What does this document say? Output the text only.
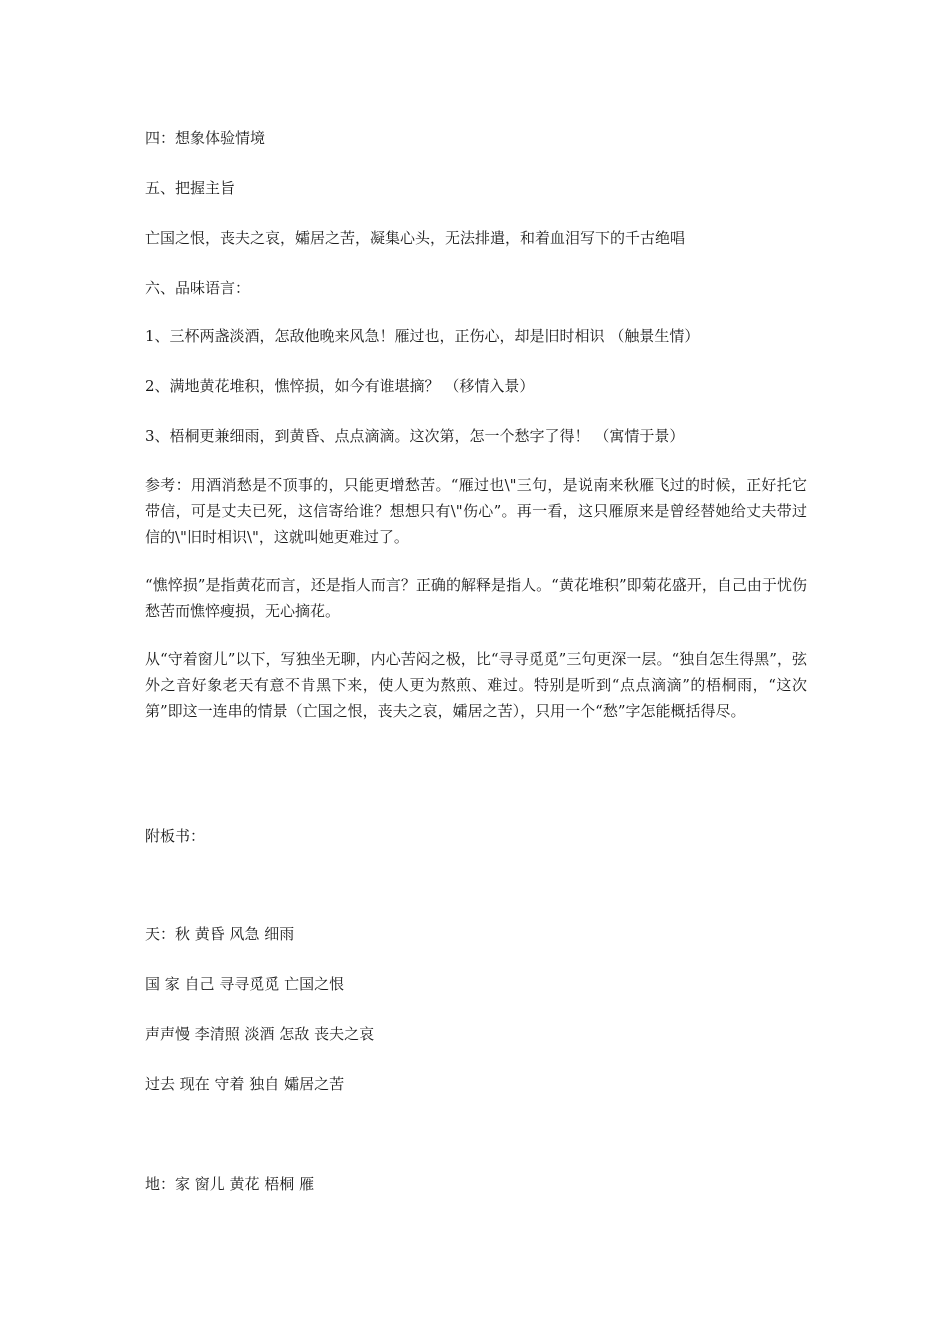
四：想象体验情境
五、把握主旨
亡国之恨，丧夫之哀，孀居之苦，凝集心头，无法排遣，和着血泪写下的千古绝唱
六、品味语言：
1、三杯两盏淡酒，怎敌他晚来风急！雁过也，正伤心，却是旧时相识 （触景生情）
2、满地黄花堆积，憔悴损，如今有谁堪摘？ （移情入景）
3、梧桐更兼细雨，到黄昏、点点滴滴。这次第，怎一个愁字了得！ （寓情于景）
参考：用酒消愁是不顶事的，只能更增愁苦。“雁过也\"三句，是说南来秋雁飞过的时候，正好托它带信，可是丈夫已死，这信寄给谁？想想只有\"伤心”。再一看，这只雁原来是曾经替她给丈夫带过信的\"旧时相识\"，这就叫她更难过了。
“憔悴损”是指黄花而言，还是指人而言？正确的解释是指人。“黄花堆积”即菊花盛开，自己由于忧伤愁苦而憔悴瘦损，无心摘花。
从“守着窗儿”以下，写独坐无聊，内心苦闷之极，比“寻寻觅觅”三句更深一层。“独自怎生得黑”，弦外之音好象老天有意不肯黑下来，使人更为熬煎、难过。特别是听到“点点滴滴”的梧桐雨，“这次第”即这一连串的情景（亡国之恨，丧夫之哀，孀居之苦），只用一个“愁”字怎能概括得尽。
附板书：
天：秋 黄昏 风急 细雨
国 家 自己 寻寻觅觅 亡国之恨
声声慢 李清照 淡酒 怎敌 丧夫之哀
过去 现在 守着 独自 孀居之苦
地：家 窗儿 黄花 梧桐 雁
